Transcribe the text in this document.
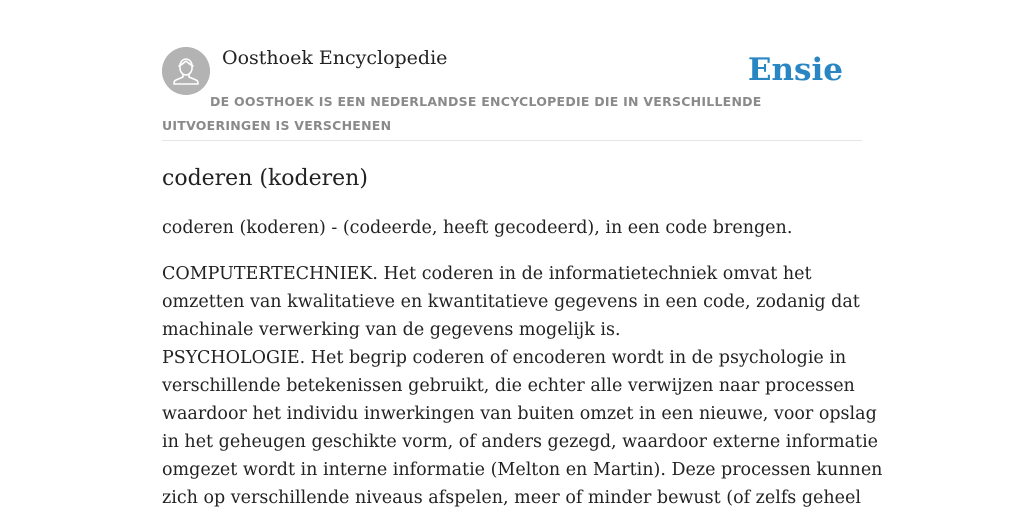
Oosthoek Encyclopedie	Ensie
DE OOSTHOEK IS EEN NEDERLANDSE ENCYCLOPEDIE DIE IN VERSCHILLENDE UITVOERINGEN IS VERSCHENEN
coderen (koderen)

coderen (koderen) - (codeerde, heeft gecodeerd), in een code brengen.

COMPUTERTECHNIEK. Het coderen in de informatietechniek omvat het
omzetten van kwalitatieve en kwantitatieve gegevens in een code, zodanig dat
machinale verwerking van de gegevens mogelijk is.
PSYCHOLOGIE. Het begrip coderen of encoderen wordt in de psychologie in
verschillende betekenissen gebruikt, die echter alle verwijzen naar processen
waardoor het individu inwerkingen van buiten omzet in een nieuwe, voor opslag
in het geheugen geschikte vorm, of anders gezegd, waardoor externe informatie
omgezet wordt in interne informatie (Melton en Martin). Deze processen kunnen
zich op verschillende niveaus afspelen, meer of minder bewust (of zelfs geheel
